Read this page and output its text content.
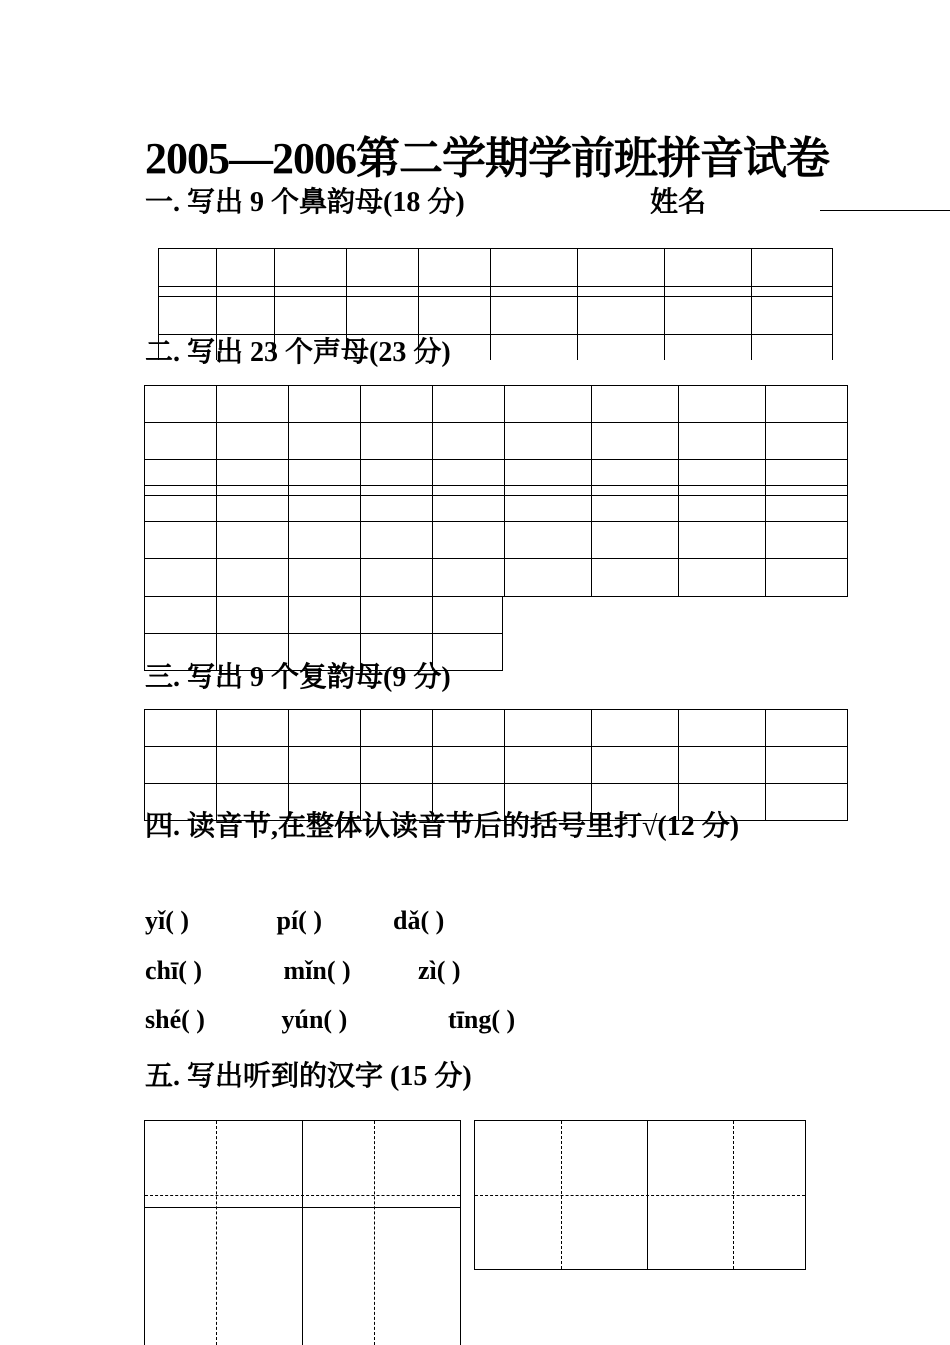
2005—2006第二学期学前班拼音试卷
一. 写出 9 个鼻韵母(18 分)	姓名

二. 写出 23 个声母(23 分)

三. 写出 9 个复韵母(9 分)

四. 读音节,在整体认读音节后的括号里打√(12 分)
yǐ( )	pí( )	dǎ( )
chī( )	mǐn( )	zì( )
shé( )	yún( )	tīng( )
五. 写出听到的汉字 (15 分)
